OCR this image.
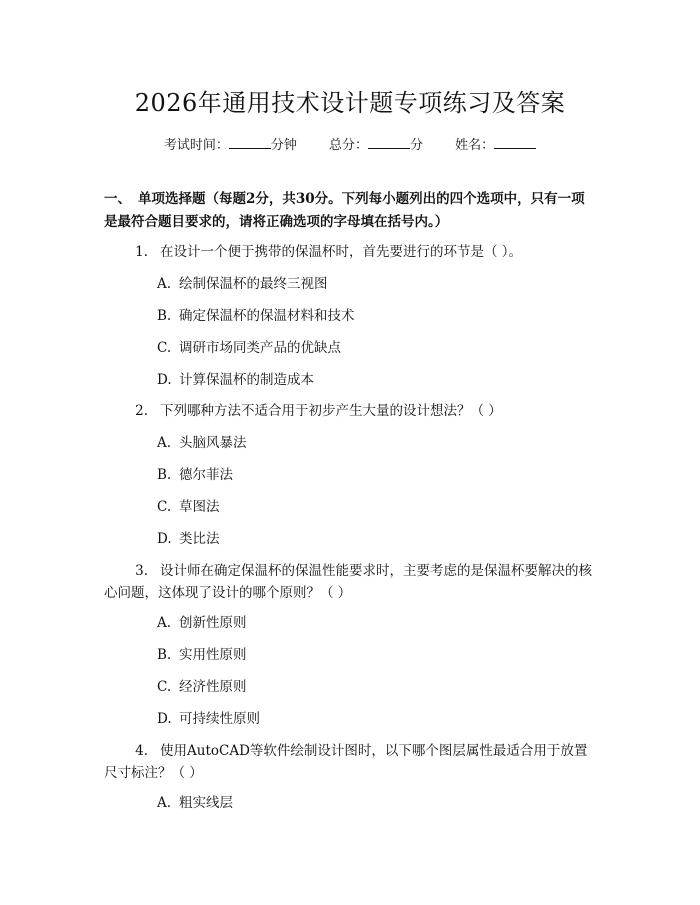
2026年通用技术设计题专项练习及答案
考试时间：	分钟 总分：	分 姓名：
一、 单项选择题（每题2分，共30分。下列每小题列出的四个选项中，只有一项是最符合题目要求的，请将正确选项的字母填在括号内。）
1. 在设计一个便于携带的保温杯时，首先要进行的环节是（ ）。
A. 绘制保温杯的最终三视图
B. 确定保温杯的保温材料和技术
C. 调研市场同类产品的优缺点
D. 计算保温杯的制造成本
2. 下列哪种方法不适合用于初步产生大量的设计想法？（ ）
A. 头脑风暴法
B. 德尔菲法
C. 草图法
D. 类比法
3. 设计师在确定保温杯的保温性能要求时，主要考虑的是保温杯要解决的核心问题，这体现了设计的哪个原则？（ ）
A. 创新性原则
B. 实用性原则
C. 经济性原则
D. 可持续性原则
4. 使用AutoCAD等软件绘制设计图时，以下哪个图层属性最适合用于放置尺寸标注？（ ）
A. 粗实线层
